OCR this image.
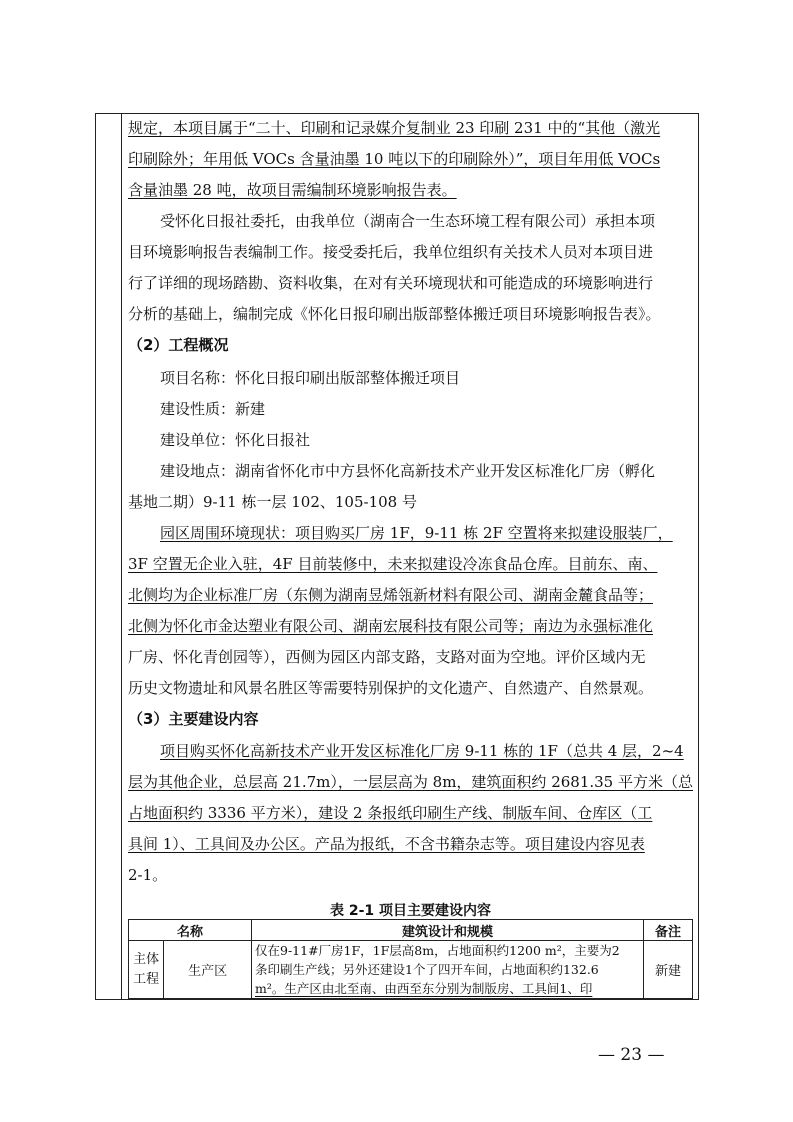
规定，本项目属于“二十、印刷和记录媒介复制业 23 印刷 231 中的“其他（激光
印刷除外；年用低 VOCs 含量油墨 10 吨以下的印刷除外）”，项目年用低 VOCs
含量油墨 28 吨，故项目需编制环境影响报告表。
受怀化日报社委托，由我单位（湖南合一生态环境工程有限公司）承担本项
目环境影响报告表编制工作。接受委托后，我单位组织有关技术人员对本项目进
行了详细的现场踏勘、资料收集，在对有关环境现状和可能造成的环境影响进行
分析的基础上，编制完成《怀化日报印刷出版部整体搬迁项目环境影响报告表》。
（2）工程概况
项目名称：怀化日报印刷出版部整体搬迁项目
建设性质：新建
建设单位：怀化日报社
建设地点：湖南省怀化市中方县怀化高新技术产业开发区标准化厂房（孵化
基地二期）9-11 栋一层 102、105-108 号
园区周围环境现状：项目购买厂房 1F，9-11 栋 2F 空置将来拟建设服装厂，
3F 空置无企业入驻，4F 目前装修中，未来拟建设冷冻食品仓库。目前东、南、
北侧均为企业标准厂房（东侧为湖南昱烯瓴新材料有限公司、湖南金麓食品等；
北侧为怀化市金达塑业有限公司、湖南宏展科技有限公司等；南边为永强标准化
厂房、怀化青创园等），西侧为园区内部支路，支路对面为空地。评价区域内无
历史文物遗址和风景名胜区等需要特别保护的文化遗产、自然遗产、自然景观。
（3）主要建设内容
项目购买怀化高新技术产业开发区标准化厂房 9-11 栋的 1F（总共 4 层，2~4
层为其他企业，总层高 21.7m），一层层高为 8m，建筑面积约 2681.35 平方米（总
占地面积约 3336 平方米），建设 2 条报纸印刷生产线、制版车间、仓库区（工
具间 1）、工具间及办公区。产品为报纸，不含书籍杂志等。项目建设内容见表
2-1。
表 2-1 项目主要建设内容
名称		建筑设计和规模	备注
主体工程	生产区	仅在9-11#厂房1F，1F层高8m，占地面积约1200 m²，主要为2
条印刷生产线；另外还建设1个了四开车间，占地面积约132.6
m²。生产区由北至南、由西至东分别为制版房、工具间1、印	新建
— 23 —
